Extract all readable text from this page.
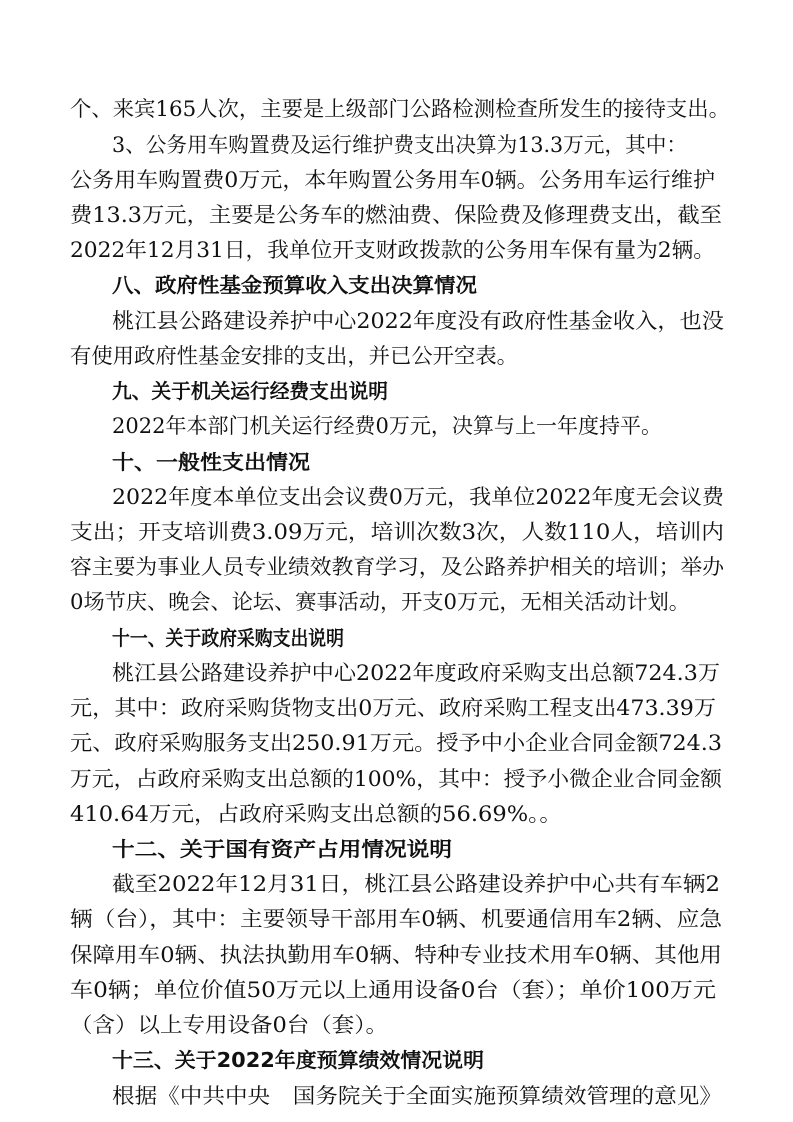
个、来宾165人次，主要是上级部门公路检测检查所发生的接待支出。
3、公务用车购置费及运行维护费支出决算为13.3万元，其中：
公务用车购置费0万元，本年购置公务用车0辆。公务用车运行维护
费13.3万元，主要是公务车的燃油费、保险费及修理费支出，截至
2022年12月31日，我单位开支财政拨款的公务用车保有量为2辆。
八、政府性基金预算收入支出决算情况
桃江县公路建设养护中心2022年度没有政府性基金收入，也没
有使用政府性基金安排的支出，并已公开空表。
九、关于机关运行经费支出说明
2022年本部门机关运行经费0万元，决算与上一年度持平。
十、一般性支出情况
2022年度本单位支出会议费0万元，我单位2022年度无会议费
支出；开支培训费3.09万元，培训次数3次，人数110人，培训内
容主要为事业人员专业绩效教育学习，及公路养护相关的培训；举办
0场节庆、晚会、论坛、赛事活动，开支0万元，无相关活动计划。
十一、关于政府采购支出说明
桃江县公路建设养护中心2022年度政府采购支出总额724.3万
元，其中：政府采购货物支出0万元、政府采购工程支出473.39万
元、政府采购服务支出250.91万元。授予中小企业合同金额724.3
万元，占政府采购支出总额的100%，其中：授予小微企业合同金额
410.64万元，占政府采购支出总额的56.69%。。
十二、关于国有资产占用情况说明
截至2022年12月31日，桃江县公路建设养护中心共有车辆2
辆（台），其中：主要领导干部用车0辆、机要通信用车2辆、应急
保障用车0辆、执法执勤用车0辆、特种专业技术用车0辆、其他用
车0辆；单位价值50万元以上通用设备0台（套）；单价100万元
（含）以上专用设备0台（套）。
十三、关于2022年度预算绩效情况说明
根据《中共中央　国务院关于全面实施预算绩效管理的意见》
